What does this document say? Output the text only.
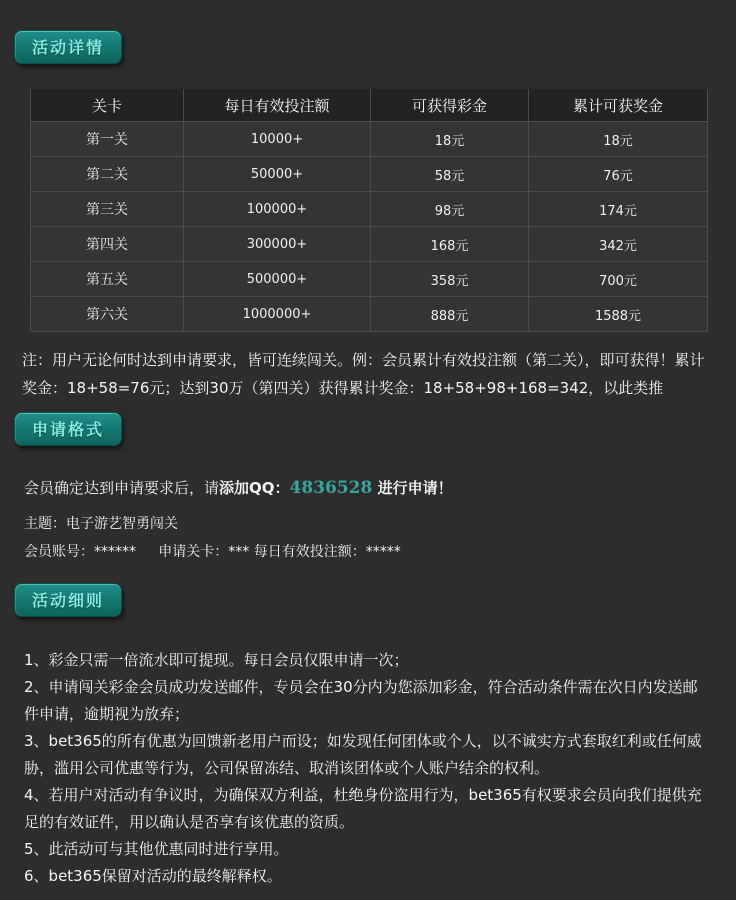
活动详情
关卡	每日有效投注额	可获得彩金	累计可获奖金
第一关	10000+	18元	18元
第二关	50000+	58元	76元
第三关	100000+	98元	174元
第四关	300000+	168元	342元
第五关	500000+	358元	700元
第六关	1000000+	888元	1588元

注：用户无论何时达到申请要求，皆可连续闯关。例：会员累计有效投注额（第二关），即可获得！累计奖金：18+58=76元；达到30万（第四关）获得累计奖金：18+58+98+168=342，以此类推

申请格式

会员确定达到申请要求后，请添加QQ：4836528 进行申请！

主题：电子游艺智勇闯关

会员账号：******     申请关卡：*** 每日有效投注额：*****

活动细则

1、彩金只需一倍流水即可提现。每日会员仅限申请一次；

2、申请闯关彩金会员成功发送邮件，专员会在30分内为您添加彩金，符合活动条件需在次日内发送邮件申请，逾期视为放弃；

3、bet365的所有优惠为回馈新老用户而设；如发现任何团体或个人，以不诚实方式套取红利或任何威胁，滥用公司优惠等行为，公司保留冻结、取消该团体或个人账户结余的权利。

4、若用户对活动有争议时，为确保双方利益，杜绝身份盗用行为，bet365有权要求会员向我们提供充足的有效证件，用以确认是否享有该优惠的资质。

5、此活动可与其他优惠同时进行享用。

6、bet365保留对活动的最终解释权。
